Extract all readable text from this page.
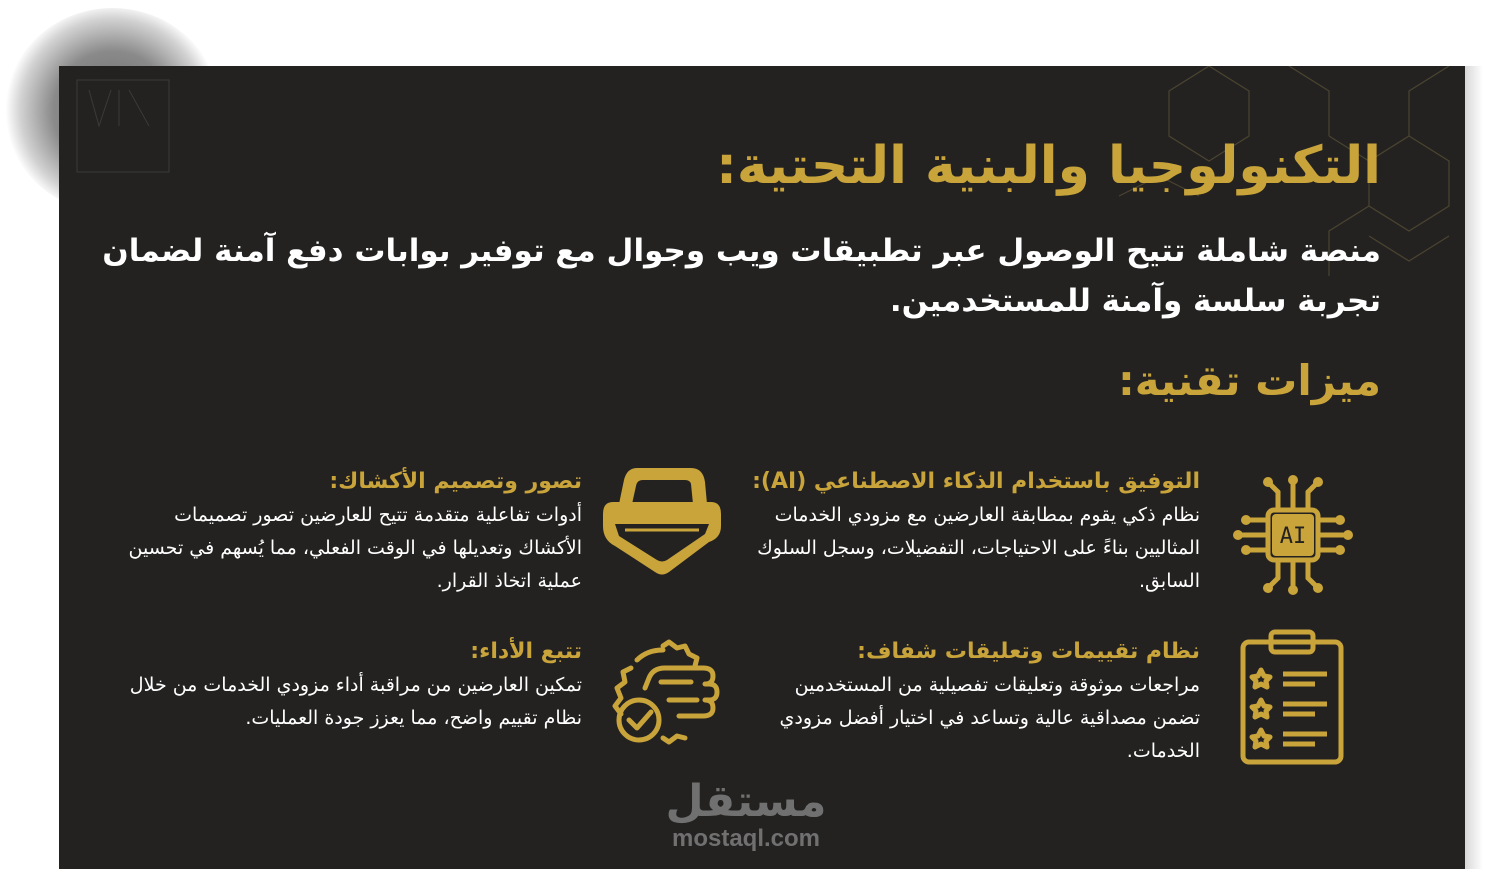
التكنولوجيا والبنية التحتية:
منصة شاملة تتيح الوصول عبر تطبيقات ويب وجوال مع توفير بوابات دفع آمنة لضمان تجربة سلسة وآمنة للمستخدمين.
ميزات تقنية:
AI
التوفيق باستخدام الذكاء الاصطناعي (AI):
نظام ذكي يقوم بمطابقة العارضين مع مزودي الخدمات المثاليين بناءً على الاحتياجات، التفضيلات، وسجل السلوك السابق.
تصور وتصميم الأكشاك:
أدوات تفاعلية متقدمة تتيح للعارضين تصور تصميمات الأكشاك وتعديلها في الوقت الفعلي، مما يُسهم في تحسين عملية اتخاذ القرار.
نظام تقييمات وتعليقات شفاف:
مراجعات موثوقة وتعليقات تفصيلية من المستخدمين تضمن مصداقية عالية وتساعد في اختيار أفضل مزودي الخدمات.
تتبع الأداء:
تمكين العارضين من مراقبة أداء مزودي الخدمات من خلال نظام تقييم واضح، مما يعزز جودة العمليات.
مستقل
mostaql.com
